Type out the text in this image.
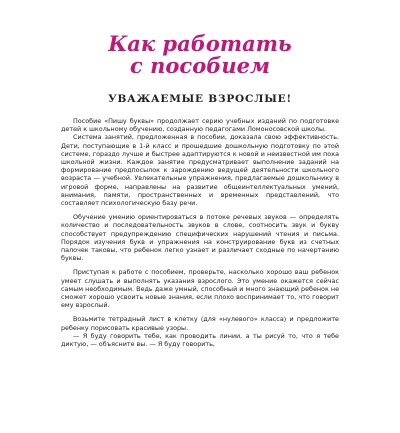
Как работать
с пособием
УВАЖАЕМЫЕ ВЗРОСЛЫЕ!

Пособие «Пишу буквы» продолжает серию учебных изданий по подготовке детей к школьному обучению, созданную педагогами Ломоносовской школы.

Система занятий, предложенная в пособии, доказала свою эффективность. Дети, поступающие в 1-й класс и прошедшие дошкольную подготовку по этой системе, гораздо лучше и быстрее адаптируются к новой и неизвестной им пока школьной жизни. Каждое занятие предусматривает выполнение заданий на формирование предпосылок к зарождению ведущей деятельности школьного возраста — учебной. Увлекательные упражнения, предлагаемые дошкольнику в игровой форме, направлены на развитие общеинтеллектуальных умений, внимания, памяти, пространственных и временных представлений, что составляет психологическую базу речи.

Обучение умению ориентироваться в потоке речевых звуков — определять количество и последовательность звуков в слове, соотносить звук и букву способствует предупреждению специфических нарушений чтения и письма. Порядок изучения букв и упражнения на конструирование букв из счетных палочек таковы, что ребенок легко узнает и различает сходные по начертанию буквы.

Приступая к работе с пособием, проверьте, насколько хорошо ваш ребенок умеет слушать и выполнять указания взрослого. Это умение окажется сейчас самым необходимым. Ведь даже умный, способный и много знающий ребенок не сможет хорошо усвоить новые знания, если плохо воспринимает то, что говорит ему взрослый.

Возьмите тетрадный лист в клетку (для «нулевого» класса) и предложите ребенку порисовать красивые узоры.

— Я буду говорить тебе, как проводить линии, а ты рисуй то, что я тебе диктую, — объясните вы. — Я буду говорить,
